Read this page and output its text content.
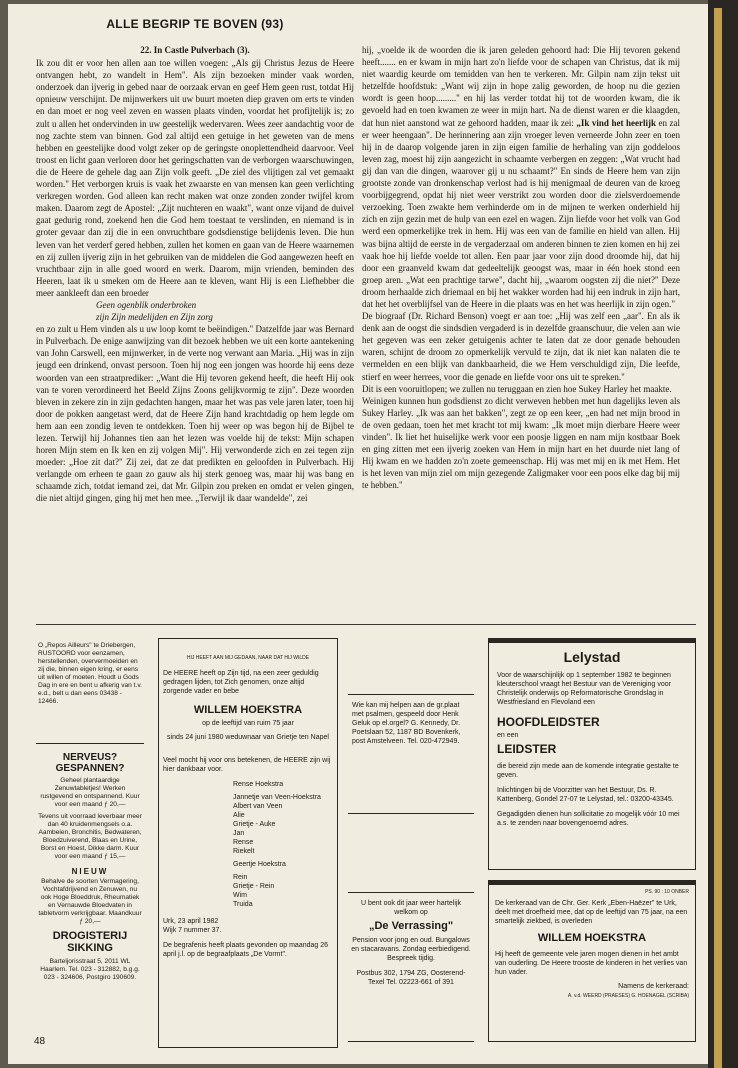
ALLE BEGRIP TE BOVEN (93)
22. In Castle Pulverbach (3).

Ik zou dit er voor hen allen aan toe willen voegen: „Als gij Christus Jezus de Heere ontvangen hebt, zo wandelt in Hem". Als zijn bezoeken minder vaak worden, onderzoek dan ijverig in gebed naar de oorzaak ervan en geef Hem geen rust, totdat Hij opnieuw verschijnt. De mijnwerkers uit uw buurt moeten diep graven om erts te vinden en dan moet er nog veel zeven en wassen plaats vinden, voordat het profijtelijk is; zo zult u allen het ondervinden in uw geestelijk wedervaren. Wees zeer aandachtig voor de nog zachte stem van binnen. God zal altijd een getuige in het geweten van de mens hebben en geestelijke dood volgt zeker op de geringste onoplettendheid daarvoor. Veel troost en licht gaan verloren door het geringschatten van de verborgen waarschuwingen, die de Heere de gehele dag aan Zijn volk geeft. „De ziel des vlijtigen zal vet gemaakt worden." Het verborgen kruis is vaak het zwaarste en van mensen kan geen verlichting verkregen worden. God alleen kan recht maken wat onze zonden zonder twijfel krom maken. Daarom zegt de Apostel: „Zijt nuchteren en waakt", want onze vijand de duivel gaat gedurig rond, zoekend hen die God hem toestaat te verslinden, en niemand is in groter gevaar dan zij die in een onvruchtbare godsdienstige belijdenis leven. Die hun leven van het verderf gered hebben, zullen het komen en gaan van de Heere waarnemen en zij zullen ijverig zijn in het gebruiken van de middelen die God aangewezen heeft en vruchtbaar zijn in alle goed woord en werk. Daarom, mijn vrienden, beminden des Heeren, laat ik u smeken om de Heere aan te kleven, want Hij is een Liefhebber die meer aankleeft dan een broeder

Geen ogenblik onderbroken
zijn Zijn medelijden en Zijn zorg

en zo zult u Hem vinden als u uw loop komt te beëindigen." Datzelfde jaar was Bernard in Pulverbach. De enige aanwijzing van dit bezoek hebben we uit een korte aantekening van John Carswell, een mijnwerker, in de verte nog verwant aan Maria. „Hij was in zijn jeugd een drinkend, onvast persoon. Toen hij nog een jongen was hoorde hij eens deze woorden van een straatprediker: „Want die Hij tevoren gekend heeft, die heeft Hij ook van te voren verordineerd het Beeld Zijns Zoons gelijkvormig te zijn". Deze woorden bleven in zekere zin in zijn gedachten hangen, maar het was pas vele jaren later, toen hij door de pokken aangetast werd, dat de Heere Zijn hand krachtdadig op hem legde om hem aan een zondig leven te ontdekken. Toen hij weer op was begon hij de Bijbel te lezen. Terwijl hij Johannes tien aan het lezen was voelde hij de tekst: Mijn schapen horen Mijn stem en Ik ken en zij volgen Mij". Hij verwonderde zich en zei tegen zijn moeder: „Hoe zit dat?" Zij zei, dat ze dat predikten en geloofden in Pulverbach. Hij verlangde om erheen te gaan zo gauw als hij sterk genoeg was, maar hij was bang en schaamde zich, totdat iemand zei, dat Mr. Gilpin zou preken en omdat er velen gingen, die niet altijd gingen, ging hij met hen mee. „Terwijl ik daar wandelde", zei

hij, „voelde ik de woorden die ik jaren geleden gehoord had: Die Hij tevoren gekend heeft....... en er kwam in mijn hart zo'n liefde voor de schapen van Christus, dat ik mij niet waardig keurde om temidden van hen te verkeren. Mr. Gilpin nam zijn tekst uit hetzelfde hoofdstuk: „Want wij zijn in hope zalig geworden, de hoop nu die gezien wordt is geen hoop........." en hij las verder totdat hij tot de woorden kwam, die ik gevoeld had en toen kwamen ze weer in mijn hart. Na de dienst waren er die klaagden, dat hun niet aanstond wat ze gehoord hadden, maar ik zei: „Ik vind het heerlijk en zal er weer heengaan". De herinnering aan zijn vroeger leven verneerde John zeer en toen hij in de daarop volgende jaren in zijn eigen familie de herhaling van zijn goddeloos leven zag, moest hij zijn aangezicht in schaamte verbergen en zeggen: „Wat vrucht had gij dan van die dingen, waarover gij u nu schaamt?" En sinds de Heere hem van zijn grootste zonde van dronkenschap verlost had is hij menigmaal de deuren van de kroeg voorbijgegrend, opdat hij niet weer verstrikt zou worden door die zielsverdoemende verzoeking. Toen zwakte hem verhinderde om in de mijnen te werken onderhield hij zich en zijn gezin met de hulp van een ezel en wagen. Zijn liefde voor het volk van God werd een opmerkelijke trek in hem. Hij was een van de familie en hield van allen. Hij was bijna altijd de eerste in de vergaderzaal om anderen binnen te zien komen en hij zei vaak hoe hij liefde voelde tot allen. Een paar jaar voor zijn dood droomde hij, dat hij door een graanveld kwam dat gedeeltelijk geoogst was, maar in één hoek stond een groep aren. „Wat een prachtige tarwe", dacht hij, „waarom oogsten zij die niet?" Deze droom herhaalde zich driemaal en bij het wakker worden had hij een indruk in zijn hart, dat het het overblijfsel van de Heere in die plaats was en het was heerlijk in zijn ogen."

De biograaf (Dr. Richard Benson) voegt er aan toe: „Hij was zelf een „aar". En als ik denk aan de oogst die sindsdien vergaderd is in dezelfde graanschuur, die velen aan wie het gegeven was een zeker getuigenis achter te laten dat ze door genade behouden waren, schijnt de droom zo opmerkelijk vervuld te zijn, dat ik niet kan nalaten die te vermelden en een blijk van dankbaarheid, die we Hem verschuldigd zijn, Die leefde, stierf en weer herrees, voor die genade en liefde voor ons uit te spreken."

Dit is een vooruitlopen; we zullen nu teruggaan en zien hoe Sukey Harley het maakte.

Weinigen kunnen hun godsdienst zo dicht verweven hebben met hun dagelijks leven als Sukey Harley. „Ik was aan het bakken", zegt ze op een keer, „en had net mijn brood in de oven gedaan, toen het met kracht tot mij kwam: „Ik moet mijn dierbare Heere weer vinden". Ik liet het huiselijke werk voor een poosje liggen en nam mijn kostbaar Boek en ging zitten met een ijverig zoeken van Hem in mijn hart en het duurde niet lang of Hij kwam en we hadden zo'n zoete gemeenschap. Hij was met mij en ik met Hem. Het is het leven van mijn ziel om mijn gezegende Zaligmaker voor een poos elke dag bij mij te hebben."

O „Repos Ailleurs" te Driebergen, RUSTOORD voor eenzamen, herstellenden, oververmoeiden en zij die, binnen eigen kring, er eens uit willen of moeten. Houdt u Gods Dag in ere en bent u afkerig van t.v. e.d., belt u dan eens 03438 - 12466.
NERVEUS? GESPANNEN?
Geheel plantaardige Zenuwtabletjes! Werken rustgevend en ontspannend. Kuur voor een maand ƒ 20,—
Tevens uit voorraad leverbaar meer dan 40 kruidenmengsels o.a. Aambeien, Bronchitis, Bedwateren, Bloedzuiverend, Blaas en Urine, Borst en Hoest, Dikke darm. Kuur voor een maand ƒ 15,—
NIEUW
Behalve de soorten Vermagering, Vochtafdrijvend en Zenuwen, nu ook Hoge Bloeddruk, Rheumatiek en Vernauwde Bloedvaten in tabletvorm verkrijgbaar. Maandkuur ƒ 20,—
DROGISTERIJ SIKKING
Barteljorisstraat 5, 2011 WL Haarlem. Tel. 023 - 312882, b.g.g. 023 - 324606, Postgiro 190609.
HIJ HEEFT AAN MIJ GEDAAN, NAAR DAT HIJ WILDE
De HEERE heeft op Zijn tijd, na een zeer geduldig gedragen lijden, tot Zich genomen, onze altijd zorgende vader en bebe
WILLEM HOEKSTRA
op de leeftijd van ruim 75 jaar
sinds 24 juni 1980 weduwnaar van Grietje ten Napel
Veel mocht hij voor ons betekenen, de HEERE zijn wij hier dankbaar voor.
Rense Hoekstra
Jannetje van Veen-Hoekstra
Albert van Veen
Alie
Grietje - Auke
Jan
Rense
Riekelt
Geertje Hoekstra
Rein
Grietje - Rein
Wim
Truida
Urk, 23 april 1982
Wijk 7 nummer 37.
De begrafenis heeft plaats gevonden op maandag 26 april j.l. op de begraafplaats „De Vormt".
Wie kan mij helpen aan de gr.plaat met psalmen, gespeeld door Henk Geluk op el.orgel? G. Kennedy, Dr. Poetslaan 52, 1187 BD Bovenkerk, post Amstelveen. Tel. 020-472949.
U bent ook dit jaar weer hartelijk welkom op
„De Verrassing"
Pension voor jong en oud. Bungalows en stacaravans. Zondag eerbiedigend. Bespreek tijdig.
Postbus 302, 1794 ZG, Oosterend-Texel Tel. 02223-661 of 391
Lelystad
Voor de waarschijnlijk op 1 september 1982 te beginnen kleuterschool vraagt het Bestuur van de Vereniging voor Christelijk onderwijs op Reformatorische Grondslag in Westfriesland en Flevoland een
HOOFDLEIDSTER
en een
LEIDSTER
die bereid zijn mede aan de komende integratie gestalte te geven.
Inlichtingen bij de Voorzitter van het Bestuur, Ds. R. Kattenberg, Gondel 27-07 te Lelystad, tel.: 03200-43345.
Gegadigden dienen hun sollicitatie zo mogelijk vóór 10 mei a.s. te zenden naar bovengenoemd adres.
PS. 90 : 10 ONBER
De kerkeraad van de Chr. Ger. Kerk „Eben-Haëzer" te Urk, deelt met droefheid mee, dat op de leeftijd van 75 jaar, na een smartelijk ziekbed, is overleden
WILLEM HOEKSTRA
Hij heeft de gemeente vele jaren mogen dienen in het ambt van ouderling. De Heere trooste de kinderen in het verlies van hun vader.
Namens de kerkeraad:
A. v.d. WEERD (PRAESES) G. HOENAGEL (SCRIBA)
48
